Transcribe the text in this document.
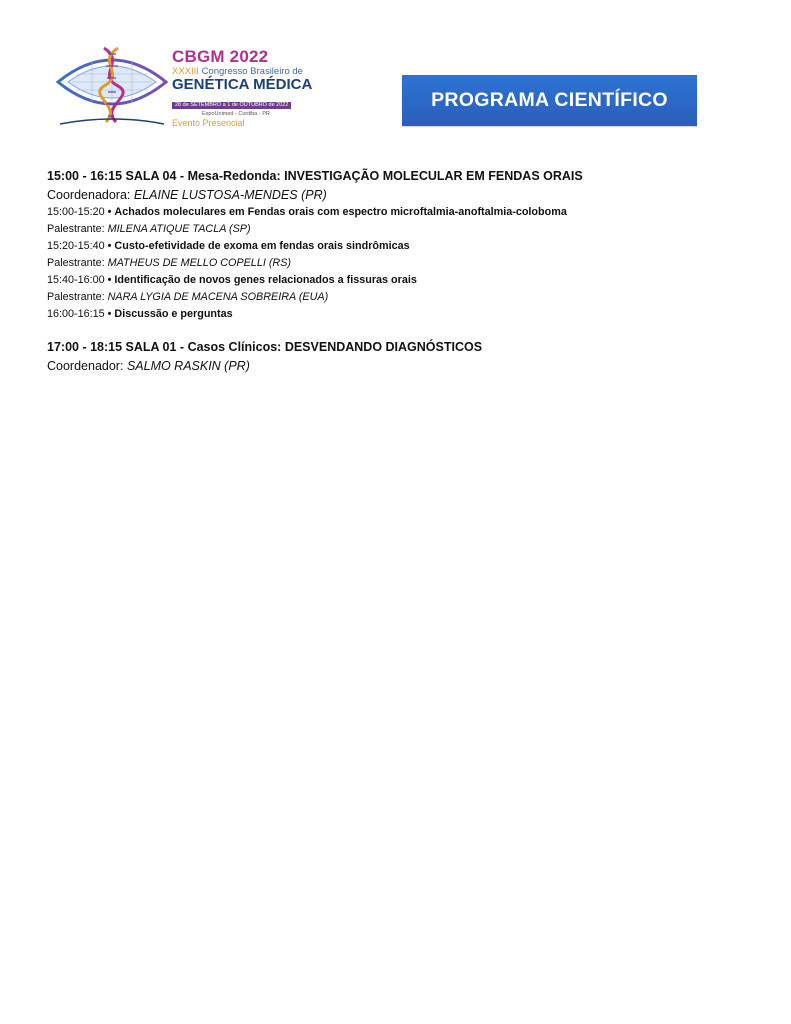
CBGM 2022
XXXIII Congresso Brasileiro de
GENÉTICA MÉDICA
28 de SETEMBRO a 1 de OUTUBRO de 2022
ExpoUnimed - Curitiba - PR
Evento Presencial
PROGRAMA CIENTÍFICO
15:00 - 16:15 SALA 04 - Mesa-Redonda: INVESTIGAÇÃO MOLECULAR EM FENDAS ORAIS
Coordenadora: ELAINE LUSTOSA-MENDES (PR)
15:00-15:20 • Achados moleculares em Fendas orais com espectro microftalmia-anoftalmia-coloboma
Palestrante: MILENA ATIQUE TACLA (SP)
15:20-15:40 • Custo-efetividade de exoma em fendas orais sindrômicas
Palestrante: MATHEUS DE MELLO COPELLI (RS)
15:40-16:00 • Identificação de novos genes relacionados a fissuras orais
Palestrante: NARA LYGIA DE MACENA SOBREIRA (EUA)
16:00-16:15 • Discussão e perguntas
17:00 - 18:15 SALA 01 - Casos Clínicos: DESVENDANDO DIAGNÓSTICOS
Coordenador: SALMO RASKIN (PR)
